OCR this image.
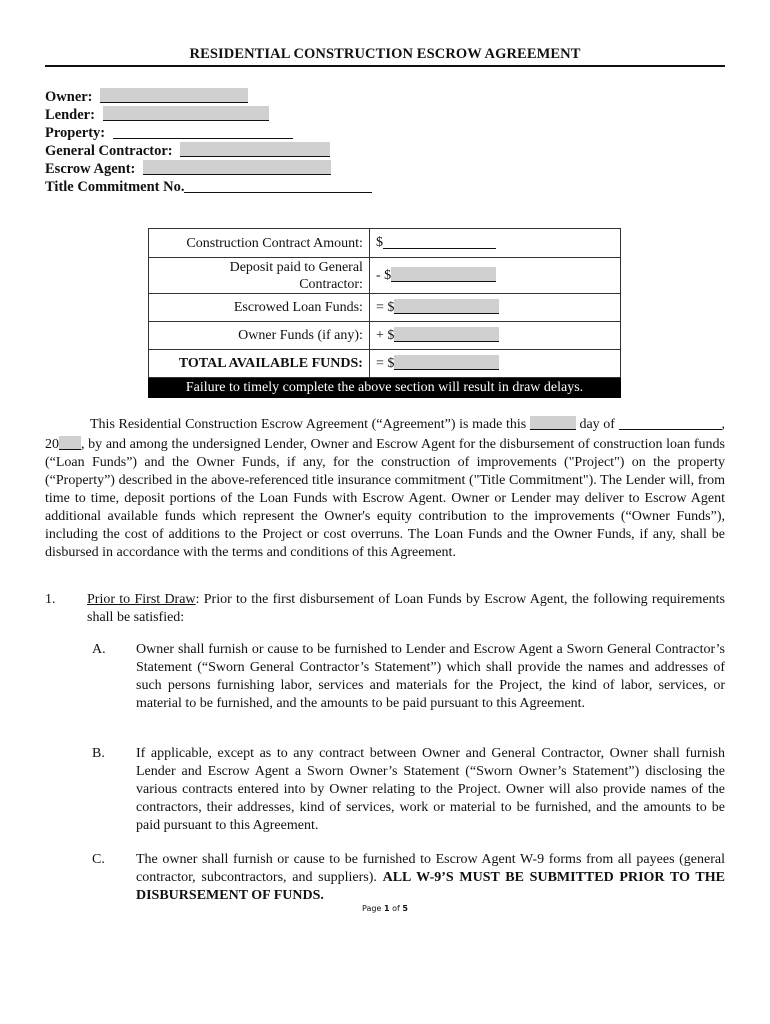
RESIDENTIAL CONSTRUCTION ESCROW AGREEMENT
Owner:
Lender:
Property:
General Contractor:
Escrow Agent:
Title Commitment No.
Construction Contract Amount:	$

Deposit paid to General
Contractor:	- $
Escrowed Loan Funds:	= $
Owner Funds (if any):	+ $
TOTAL AVAILABLE FUNDS:	= $
Failure to timely complete the above section will result in draw delays.	
This Residential Construction Escrow Agreement (“Agreement”) is made this	day of	, 20 , by and among the undersigned Lender, Owner and Escrow Agent for the disbursement of construction loan funds (“Loan Funds”) and the Owner Funds, if any, for the construction of improvements ("Project") on the property (“Property”) described in the above-referenced title insurance commitment ("Title Commitment"). The Lender will, from time to time, deposit portions of the Loan Funds with Escrow Agent. Owner or Lender may deliver to Escrow Agent additional available funds which represent the Owner's equity contribution to the improvements (“Owner Funds”), including the cost of additions to the Project or cost overruns. The Loan Funds and the Owner Funds, if any, shall be disbursed in accordance with the terms and conditions of this Agreement.
1. Prior to First Draw: Prior to the first disbursement of Loan Funds by Escrow Agent, the following requirements shall be satisfied:
A. Owner shall furnish or cause to be furnished to Lender and Escrow Agent a Sworn General Contractor’s Statement (“Sworn General Contractor’s Statement”) which shall provide the names and addresses of such persons furnishing labor, services and materials for the Project, the kind of labor, services, or material to be furnished, and the amounts to be paid pursuant to this Agreement.
B. If applicable, except as to any contract between Owner and General Contractor, Owner shall furnish Lender and Escrow Agent a Sworn Owner’s Statement (“Sworn Owner’s Statement”) disclosing the various contracts entered into by Owner relating to the Project. Owner will also provide names of the contractors, their addresses, kind of services, work or material to be furnished, and the amounts to be paid pursuant to this Agreement.
C. The owner shall furnish or cause to be furnished to Escrow Agent W-9 forms from all payees (general contractor, subcontractors, and suppliers). ALL W-9’S MUST BE SUBMITTED PRIOR TO THE DISBURSEMENT OF FUNDS.
Page 1 of 5
